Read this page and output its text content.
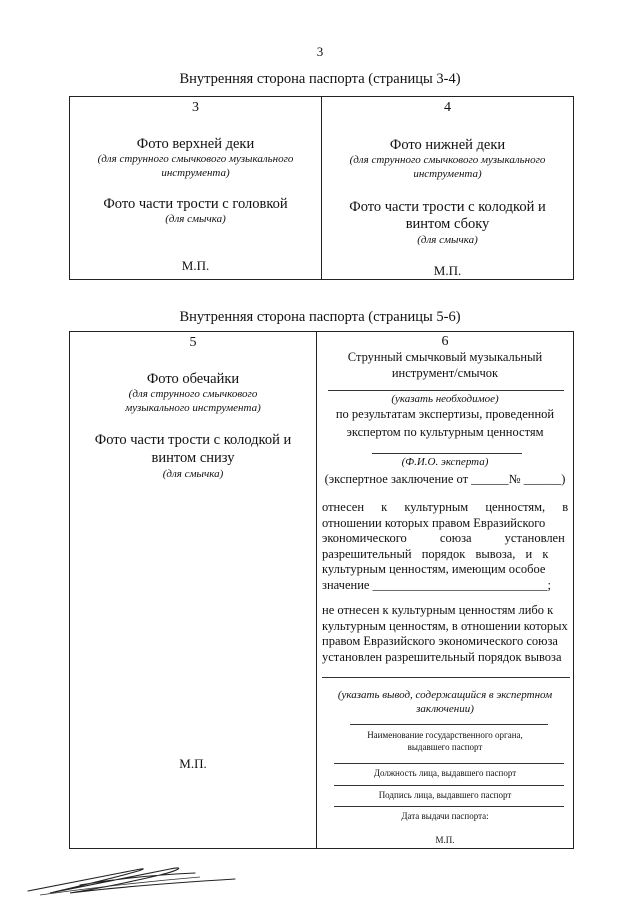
3
Внутренняя сторона паспорта (страницы 3-4)
3
Фото верхней деки
(для струнного смычкового музыкального
инструмента)
Фото части трости с головкой
(для смычка)
М.П.
4
Фото нижней деки
(для струнного смычкового музыкального
инструмента)
Фото части трости с колодкой и
винтом сбоку
(для смычка)
М.П.
Внутренняя сторона паспорта (страницы 5-6)
5
Фото обечайки
(для струнного смычкового
музыкального инструмента)
Фото части трости с колодкой и
винтом снизу
(для смычка)
М.П.
6
Струнный смычковый музыкальный
инструмент/смычок
(указать необходимое)
по результатам экспертизы, проведенной
экспертом по культурным ценностям
(Ф.И.О. эксперта)
(экспертное заключение от ______№ ______)
отнесен к культурным ценностям, в
отношении которых правом Евразийского
экономического союза установлен
разрешительный порядок вывоза, и к
культурным ценностям, имеющим особое
значение ____________________________;
не отнесен к культурным ценностям либо к
культурным ценностям, в отношении которых
правом Евразийского экономического союза
установлен разрешительный порядок вывоза
(указать вывод, содержащийся в экспертном
заключении)
Наименование государственного органа,
выдавшего паспорт
Должность лица, выдавшего паспорт
Подпись лица, выдавшего паспорт
Дата выдачи паспорта:
М.П.
